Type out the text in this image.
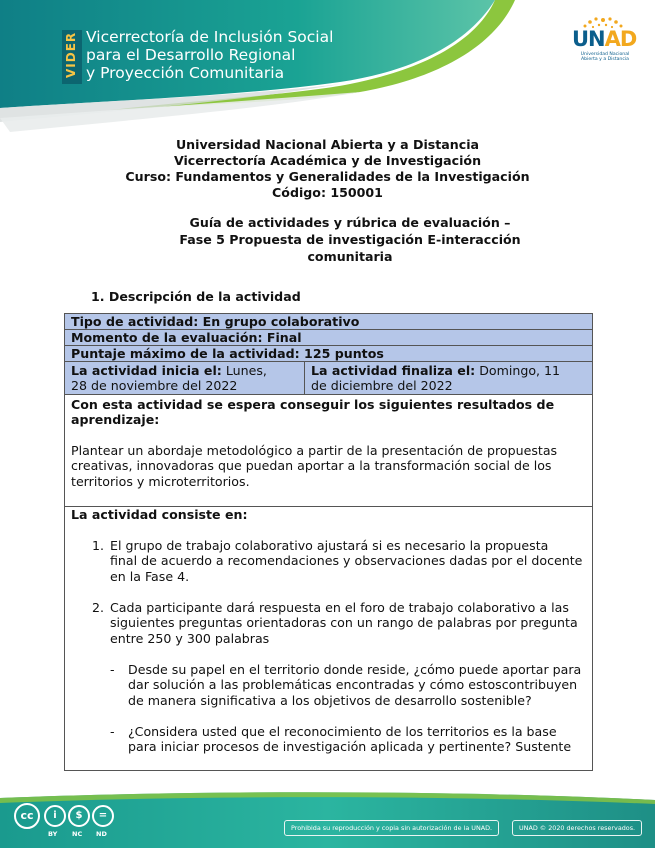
VIDER Vicerrectoría de Inclusión Social
para el Desarrollo Regional
y Proyección Comunitaria
UNAD
Universidad Nacional
Abierta y a Distancia
Universidad Nacional Abierta y a Distancia
Vicerrectoría Académica y de Investigación
Curso: Fundamentos y Generalidades de la Investigación
Código: 150001
Guía de actividades y rúbrica de evaluación –
Fase 5 Propuesta de investigación E-interacción
comunitaria
1. Descripción de la actividad
Tipo de actividad: En grupo colaborativo
Momento de la evaluación: Final
Puntaje máximo de la actividad: 125 puntos
La actividad inicia el: Lunes,
28 de noviembre del 2022
La actividad finaliza el: Domingo, 11
de diciembre del 2022
Con esta actividad se espera conseguir los siguientes resultados de
aprendizaje:
Plantear un abordaje metodológico a partir de la presentación de propuestas
creativas, innovadoras que puedan aportar a la transformación social de los
territorios y microterritorios.
La actividad consiste en:
1. El grupo de trabajo colaborativo ajustará si es necesario la propuesta
final de acuerdo a recomendaciones y observaciones dadas por el docente
en la Fase 4.
2. Cada participante dará respuesta en el foro de trabajo colaborativo a las
siguientes preguntas orientadoras con un rango de palabras por pregunta
entre 250 y 300 palabras
- Desde su papel en el territorio donde reside, ¿cómo puede aportar para
dar solución a las problemáticas encontradas y cómo estoscontribuyen
de manera significativa a los objetivos de desarrollo sostenible?
- ¿Considera usted que el reconocimiento de los territorios es la base
para iniciar procesos de investigación aplicada y pertinente? Sustente
cc	i	$	=
BY NC ND
Prohibida su reproducción y copia sin autorización de la UNAD.	UNAD © 2020 derechos reservados.
